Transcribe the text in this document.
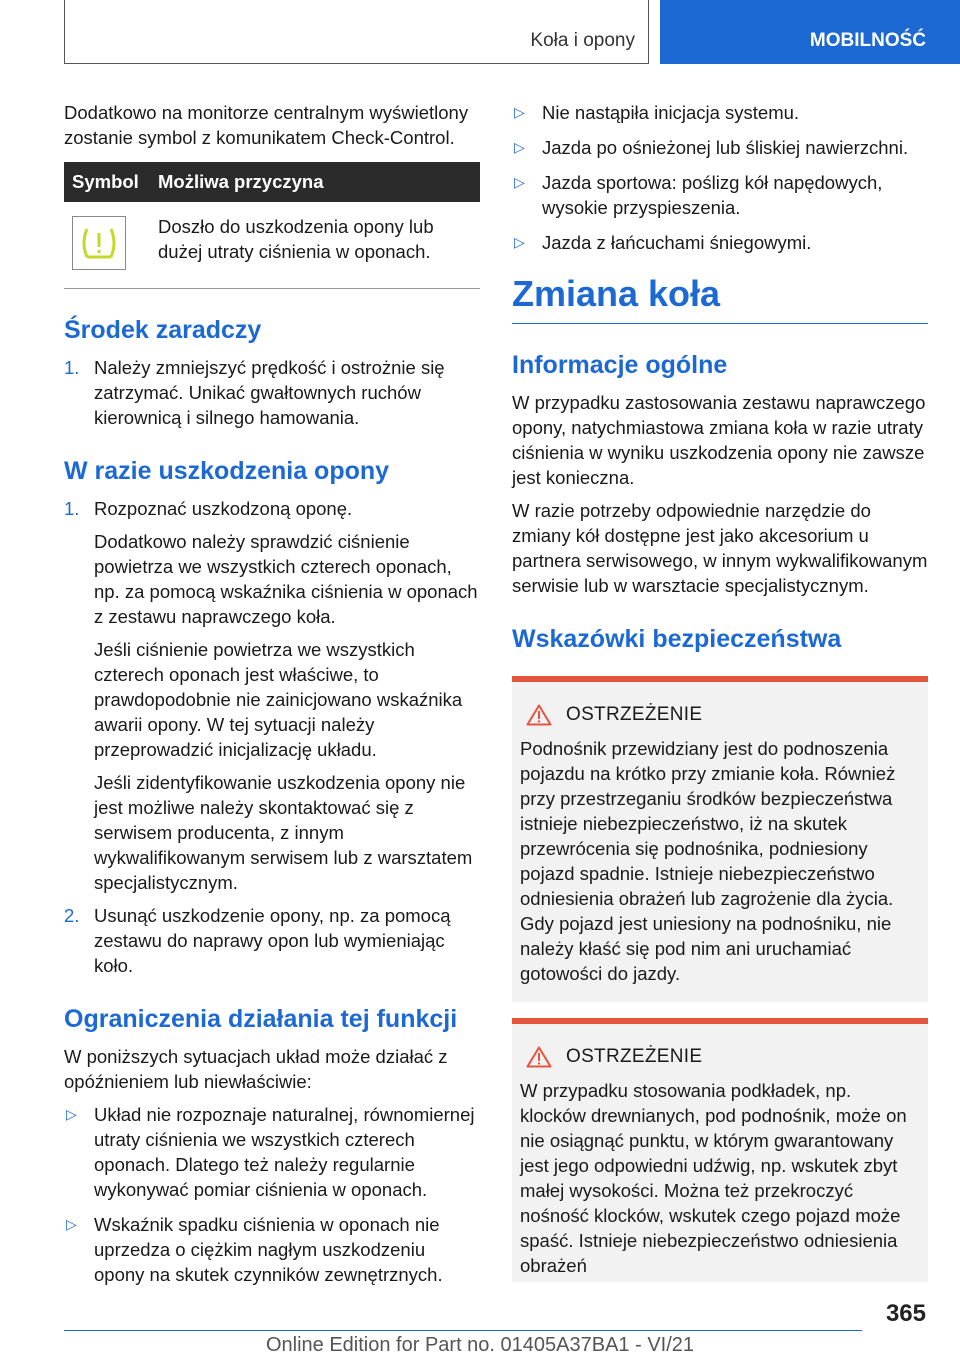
Koła i opony	MOBILNOŚĆ

Dodatkowo na monitorze centralnym wyświetlony zostanie symbol z komunikatem Check-Control.

Symbol	Możliwa przyczyna

	Doszło do uszkodzenia opony lub dużej utraty ciśnienia w oponach.
Środek zaradczy
1. Należy zmniejszyć prędkość i ostrożnie się zatrzymać. Unikać gwałtownych ruchów kierownicą i silnego hamowania.

W razie uszkodzenia opony
1. Rozpoznać uszkodzoną oponę.

Dodatkowo należy sprawdzić ciśnienie powietrza we wszystkich czterech oponach, np. za pomocą wskaźnika ciśnienia w oponach z zestawu naprawczego koła.

Jeśli ciśnienie powietrza we wszystkich czterech oponach jest właściwe, to prawdopodobnie nie zainicjowano wskaźnika awarii opony. W tej sytuacji należy przeprowadzić inicjalizację układu.

Jeśli zidentyfikowanie uszkodzenia opony nie jest możliwe należy skontaktować się z serwisem producenta, z innym wykwalifikowanym serwisem lub z warsztatem specjalistycznym.

2. Usunąć uszkodzenie opony, np. za pomocą zestawu do naprawy opon lub wymieniając koło.

Ograniczenia działania tej funkcji

W poniższych sytuacjach układ może działać z opóźnieniem lub niewłaściwie:

▷ Układ nie rozpoznaje naturalnej, równomiernej utraty ciśnienia we wszystkich czterech oponach. Dlatego też należy regularnie wykonywać pomiar ciśnienia w oponach.

▷ Wskaźnik spadku ciśnienia w oponach nie uprzedza o ciężkim nagłym uszkodzeniu opony na skutek czynników zewnętrznych.

▷ Nie nastąpiła inicjacja systemu.

▷ Jazda po ośnieżonej lub śliskiej nawierzchni.

▷ Jazda sportowa: poślizg kół napędowych, wysokie przyspieszenia.

▷ Jazda z łańcuchami śniegowymi.

Zmiana koła
Informacje ogólne

W przypadku zastosowania zestawu naprawczego opony, natychmiastowa zmiana koła w razie utraty ciśnienia w wyniku uszkodzenia opony nie zawsze jest konieczna.

W razie potrzeby odpowiednie narzędzie do zmiany kół dostępne jest jako akcesorium u partnera serwisowego, w innym wykwalifikowanym serwisie lub w warsztacie specjalistycznym.

Wskazówki bezpieczeństwa
OSTRZEŻENIE

Podnośnik przewidziany jest do podnoszenia pojazdu na krótko przy zmianie koła. Również przy przestrzeganiu środków bezpieczeństwa istnieje niebezpieczeństwo, iż na skutek przewrócenia się podnośnika, podniesiony pojazd spadnie. Istnieje niebezpieczeństwo odniesienia obrażeń lub zagrożenie dla życia. Gdy pojazd jest uniesiony na podnośniku, nie należy kłaść się pod nim ani uruchamiać gotowości do jazdy.

OSTRZEŻENIE

W przypadku stosowania podkładek, np. klocków drewnianych, pod podnośnik, może on nie osiągnąć punktu, w którym gwarantowany jest jego odpowiedni udźwig, np. wskutek zbyt małej wysokości. Można też przekroczyć nośność klocków, wskutek czego pojazd może spaść. Istnieje niebezpieczeństwo odniesienia obrażeń

365
Online Edition for Part no. 01405A37BA1 - VI/21
